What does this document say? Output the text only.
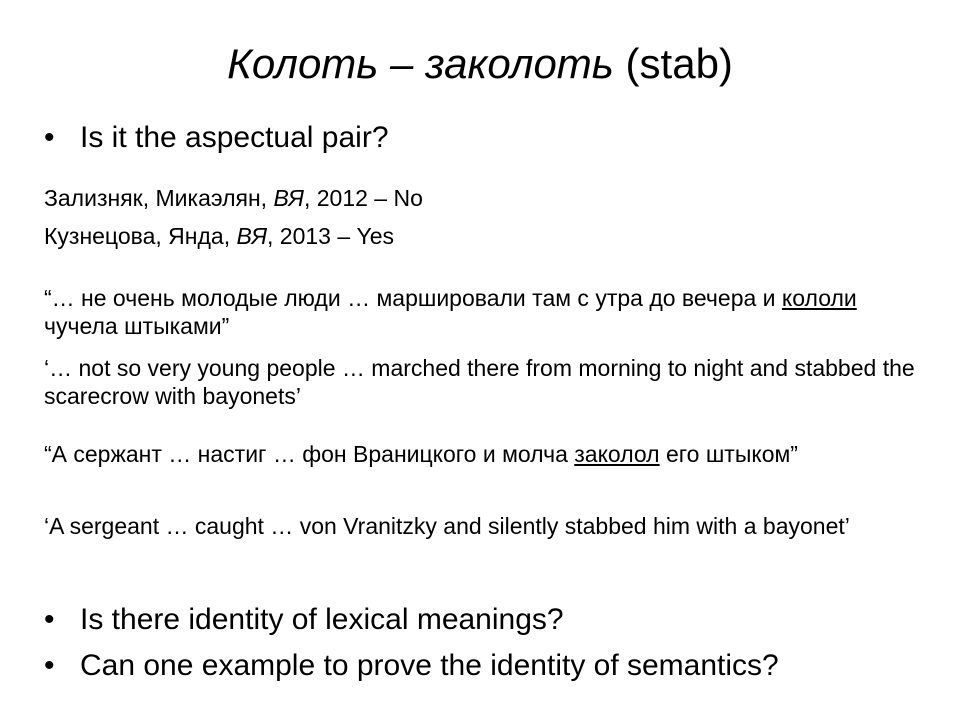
Колоть – заколоть (stab)
• Is it the aspectual pair?
Зализняк, Микаэлян, ВЯ, 2012 – No
Кузнецова, Янда, ВЯ, 2013 – Yes
“… не очень молодые люди … маршировали там с утра до вечера и кололи чучела штыками”
‘… not so very young people … marched there from morning to night and stabbed the scarecrow with bayonets’
“А сержант … настиг … фон Враницкого и молча заколол его штыком”
‘A sergeant … caught … von Vranitzky and silently stabbed him with a bayonet’
• Is there identity of lexical meanings?
• Can one example to prove the identity of semantics?
